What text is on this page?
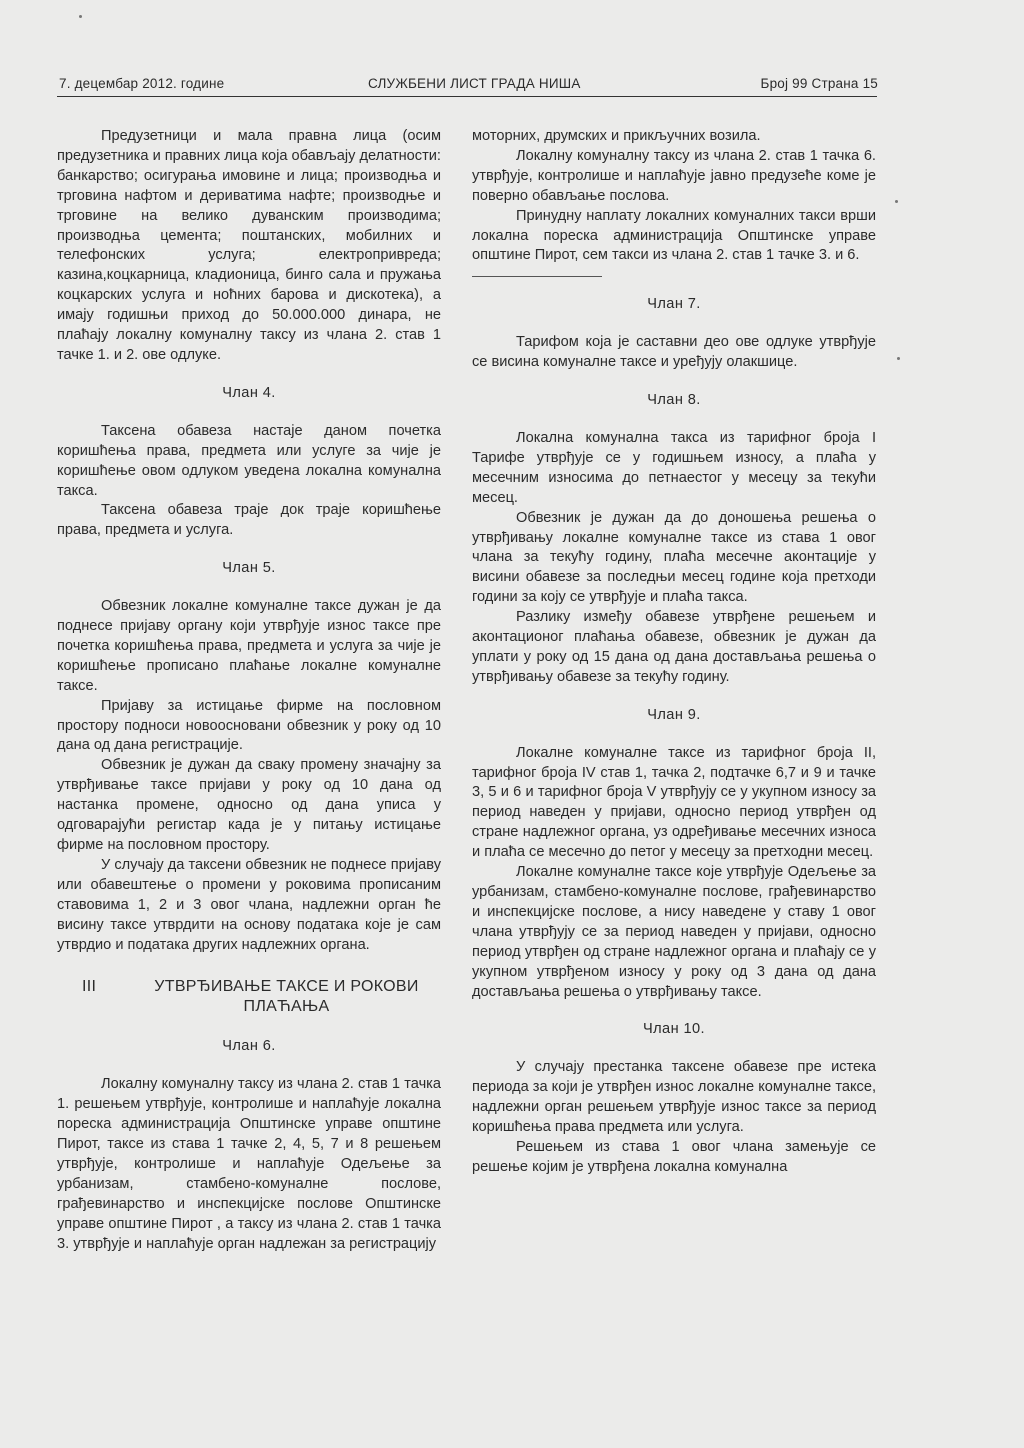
7. децембар 2012. године	СЛУЖБЕНИ ЛИСТ ГРАДА НИША	Број 99 Страна 15

Предузетници и мала правна лица (осим предузетника и правних лица која обављају делатности: банкарство; осигурања имовине и лица; производња и трговина нафтом и дериватима нафте; производње и трговине на велико дуванским производима; производња цемента; поштанских, мобилних и телефонских услуга; електропривреда; казина,коцкарница, кладионица, бинго сала и пружања коцкарских услуга и ноћних барова и дискотека), а имају годишњи приход до 50.000.000 динара, не плаћају локалну комуналну таксу из члана 2. став 1 тачке 1. и 2. ове одлуке.

Члан 4.

Таксена обавеза настаје даном почетка коришћења права, предмета или услуге за чије је коришћење овом одлуком уведена локална комунална такса.

Таксена обавеза траје док траје коришћење права, предмета и услуга.

Члан 5.

Обвезник локалне комуналне таксе дужан је да поднесе пријаву органу који утврђује износ таксе пре почетка коришћења права, предмета и услуга за чије је коришћење прописано плаћање локалне комуналне таксе.

Пријаву за истицање фирме на пословном простору подноси новоосновани обвезник у року од 10 дана од дана регистрације.

Обвезник је дужан да сваку промену значајну за утврђивање таксе пријави у року од 10 дана од настанка промене, односно од дана уписа у одговарајући регистар када је у питању истицање фирме на пословном простору.

У случају да таксени обвезник не поднесе пријаву или обавештење о промени у роковима прописаним ставовима 1, 2 и 3 овог члана, надлежни орган ће висину таксе утврдити на основу података које је сам утврдио и података других надлежних органа.

III	УТВРЂИВАЊЕ ТАКСЕ И РОКОВИ ПЛАЋАЊА
Члан 6.

Локалну комуналну таксу из члана 2. став 1 тачка 1. решењем утврђује, контролише и наплаћује локална пореска администрација Општинске управе општине Пирот, таксе из става 1 тачке 2, 4, 5, 7 и 8 решењем утврђује, контролише и наплаћује Одељење за урбанизам, стамбено-комуналне послове, грађевинарство и инспекцијске послове Општинске управе општине Пирот , а таксу из члана 2. став 1 тачка 3. утврђује и наплаћује орган надлежан за регистрацију

моторних, друмских и прикључних возила.

Локалну комуналну таксу из члана 2. став 1 тачка 6. утврђује, контролише и наплаћује јавно предузеће коме је поверно обављање послова.

Принудну наплату локалних комуналних такси врши локална пореска администрација Општинске управе општине Пирот, сем такси из члана 2. став 1 тачке 3. и 6.

Члан 7.

Тарифом која је саставни део ове одлуке утврђује се висина комуналне таксе и уређују олакшице.

Члан 8.

Локална комунална такса из тарифног броја I Тарифе утврђује се у годишњем износу, а плаћа у месечним износима до петнаестог у месецу за текући месец.

Обвезник је дужан да до доношења решења о утврђивању локалне комуналне таксе из става 1 овог члана за текућу годину, плаћа месечне аконтације у висини обавезе за последњи месец године која претходи години за коју се утврђује и плаћа такса.

Разлику између обавезе утврђене решењем и аконтационог плаћања обавезе, обвезник је дужан да уплати у року од 15 дана од дана достављања решења о утврђивању обавезе за текућу годину.

Члан 9.

Локалне комуналне таксе из тарифног броја II, тарифног броја IV став 1, тачка 2, подтачке 6,7 и 9 и тачке 3, 5 и 6 и тарифног броја V утврђују се у укупном износу за период наведен у пријави, односно период утврђен од стране надлежног органа, уз одређивање месечних износа и плаћа се месечно до петог у месецу за претходни месец.

Локалне комуналне таксе које утврђује Одељење за урбанизам, стамбено-комуналне послове, грађевинарство и инспекцијске послове, а нису наведене у ставу 1 овог члана утврђују се за период наведен у пријави, односно период утврђен од стране надлежног органа и плаћају се у укупном утврђеном износу у року од 3 дана од дана достављања решења о утврђивању таксе.

Члан 10.

У случају престанка таксене обавезе пре истека периода за који је утврђен износ локалне комуналне таксе, надлежни орган решењем утврђује износ таксе за период коришћења права предмета или услуга.

Решењем из става 1 овог члана замењује се решење којим је утврђена локална комунална
